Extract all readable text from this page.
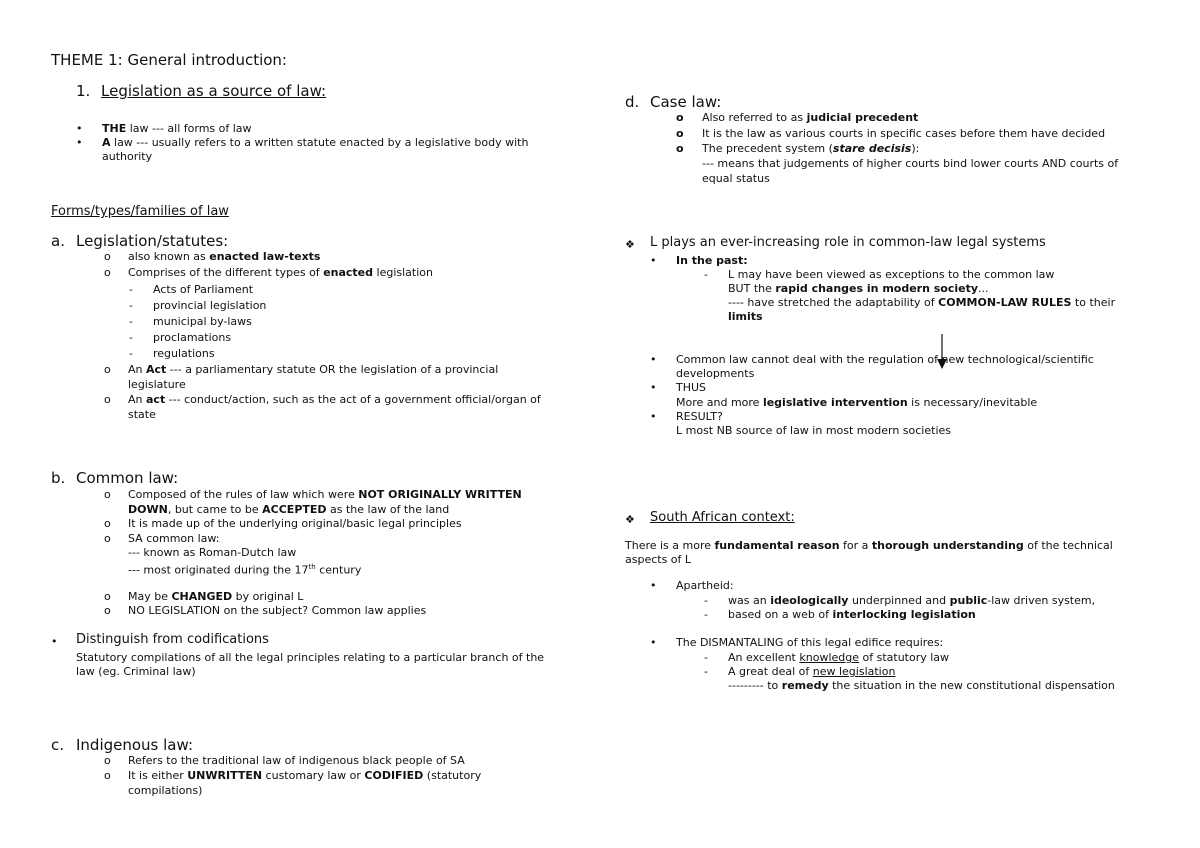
THEME 1: General introduction:
1. Legislation as a source of law:
• THE law --- all forms of law
• A law --- usually refers to a written statute enacted by a legislative body with
authority
Forms/types/families of law
a. Legislation/statutes:
o also known as enacted law-texts
o Comprises of the different types of enacted legislation
- Acts of Parliament
- provincial legislation
- municipal by-laws
- proclamations
- regulations
o An Act --- a parliamentary statute OR the legislation of a provincial
legislature
o An act --- conduct/action, such as the act of a government official/organ of
state
b. Common law:
o Composed of the rules of law which were NOT ORIGINALLY WRITTEN
DOWN, but came to be ACCEPTED as the law of the land
o It is made up of the underlying original/basic legal principles
o SA common law:
--- known as Roman-Dutch law
--- most originated during the 17th century
o May be CHANGED by original L
o NO LEGISLATION on the subject? Common law applies
• Distinguish from codifications
Statutory compilations of all the legal principles relating to a particular branch of the
law (eg. Criminal law)
c. Indigenous law:
o Refers to the traditional law of indigenous black people of SA
o It is either UNWRITTEN customary law or CODIFIED (statutory
compilations)
d. Case law:
o Also referred to as judicial precedent
o It is the law as various courts in specific cases before them have decided
o The precedent system (stare decisis):
--- means that judgements of higher courts bind lower courts AND courts of
equal status
❖ L plays an ever-increasing role in common-law legal systems
• In the past:
- L may have been viewed as exceptions to the common law
BUT the rapid changes in modern society...
---- have stretched the adaptability of COMMON-LAW RULES to their
limits
• Common law cannot deal with the regulation of new technological/scientific
developments
• THUS
More and more legislative intervention is necessary/inevitable
• RESULT?
L most NB source of law in most modern societies
❖ South African context:
There is a more fundamental reason for a thorough understanding of the technical
aspects of L
• Apartheid:
- was an ideologically underpinned and public-law driven system,
- based on a web of interlocking legislation
• The DISMANTALING of this legal edifice requires:
- An excellent knowledge of statutory law
- A great deal of new legislation
--------- to remedy the situation in the new constitutional dispensation
